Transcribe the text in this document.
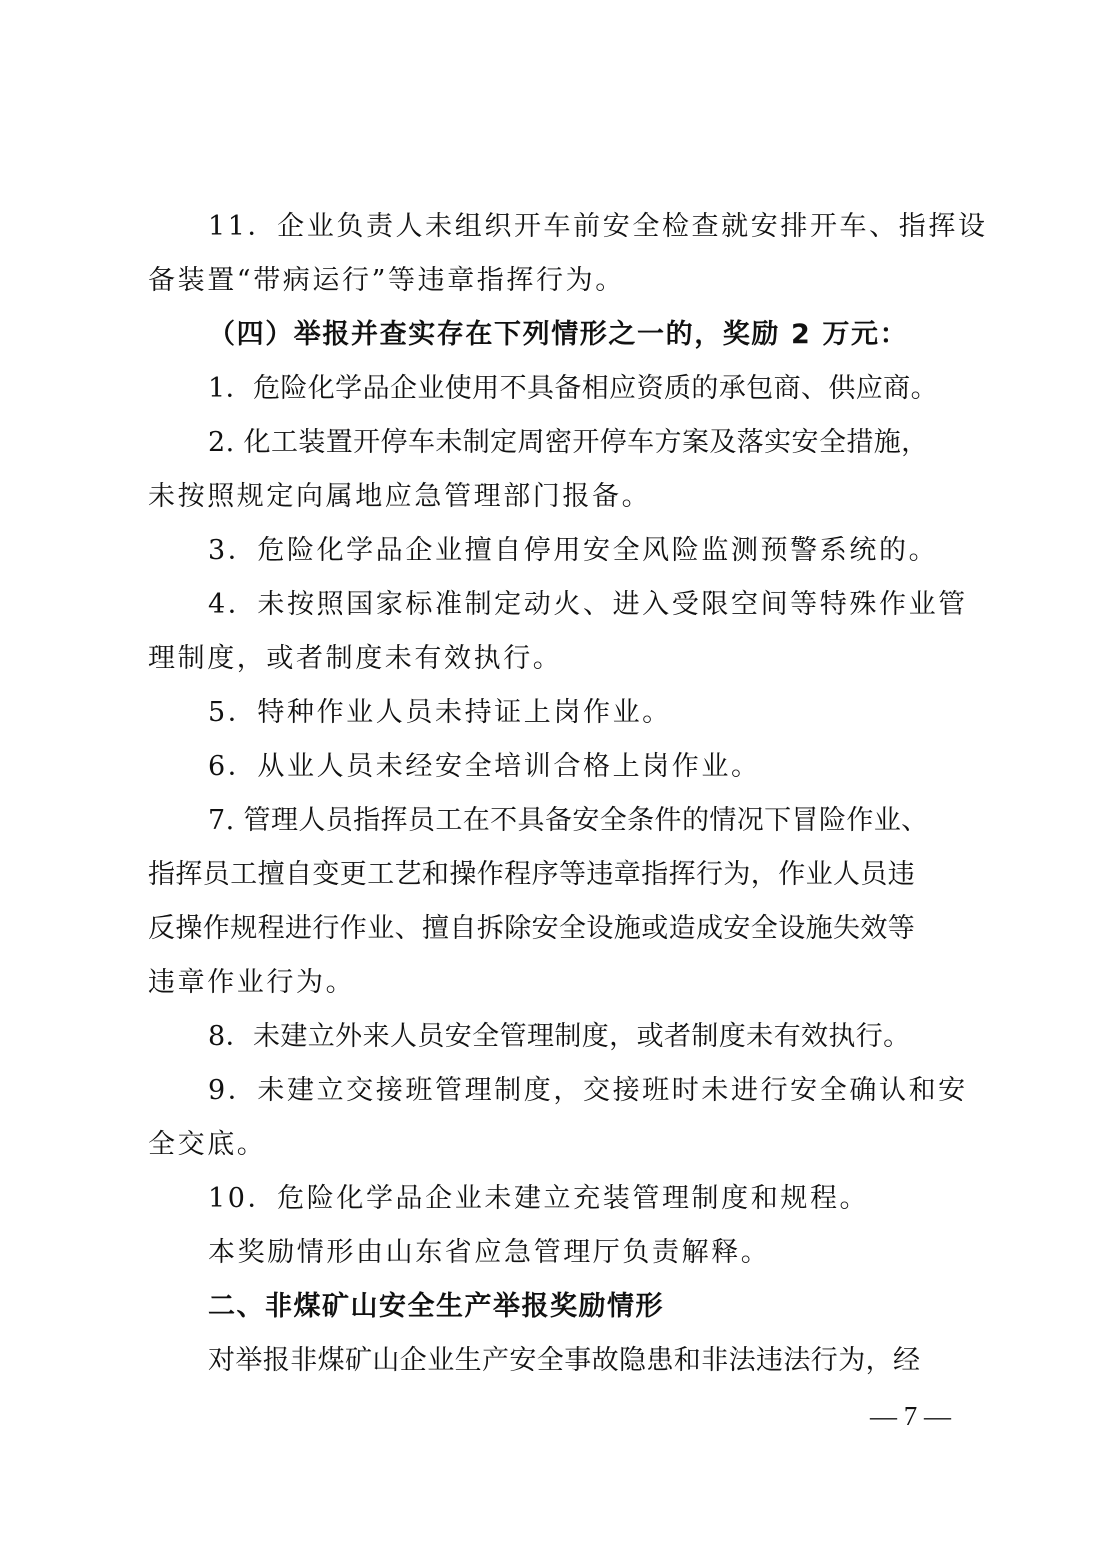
11．企业负责人未组织开车前安全检查就安排开车、指挥设
备装置“带病运行”等违章指挥行为。
（四）举报并查实存在下列情形之一的，奖励 2 万元：
1．危险化学品企业使用不具备相应资质的承包商、供应商。
2. 化工装置开停车未制定周密开停车方案及落实安全措施，
未按照规定向属地应急管理部门报备。
3．危险化学品企业擅自停用安全风险监测预警系统的。
4．未按照国家标准制定动火、进入受限空间等特殊作业管
理制度，或者制度未有效执行。
5．特种作业人员未持证上岗作业。
6．从业人员未经安全培训合格上岗作业。
7. 管理人员指挥员工在不具备安全条件的情况下冒险作业、
指挥员工擅自变更工艺和操作程序等违章指挥行为，作业人员违
反操作规程进行作业、擅自拆除安全设施或造成安全设施失效等
违章作业行为。
8．未建立外来人员安全管理制度，或者制度未有效执行。
9．未建立交接班管理制度，交接班时未进行安全确认和安
全交底。
10．危险化学品企业未建立充装管理制度和规程。
本奖励情形由山东省应急管理厅负责解释。
二、非煤矿山安全生产举报奖励情形
对举报非煤矿山企业生产安全事故隐患和非法违法行为，经
— 7 —
